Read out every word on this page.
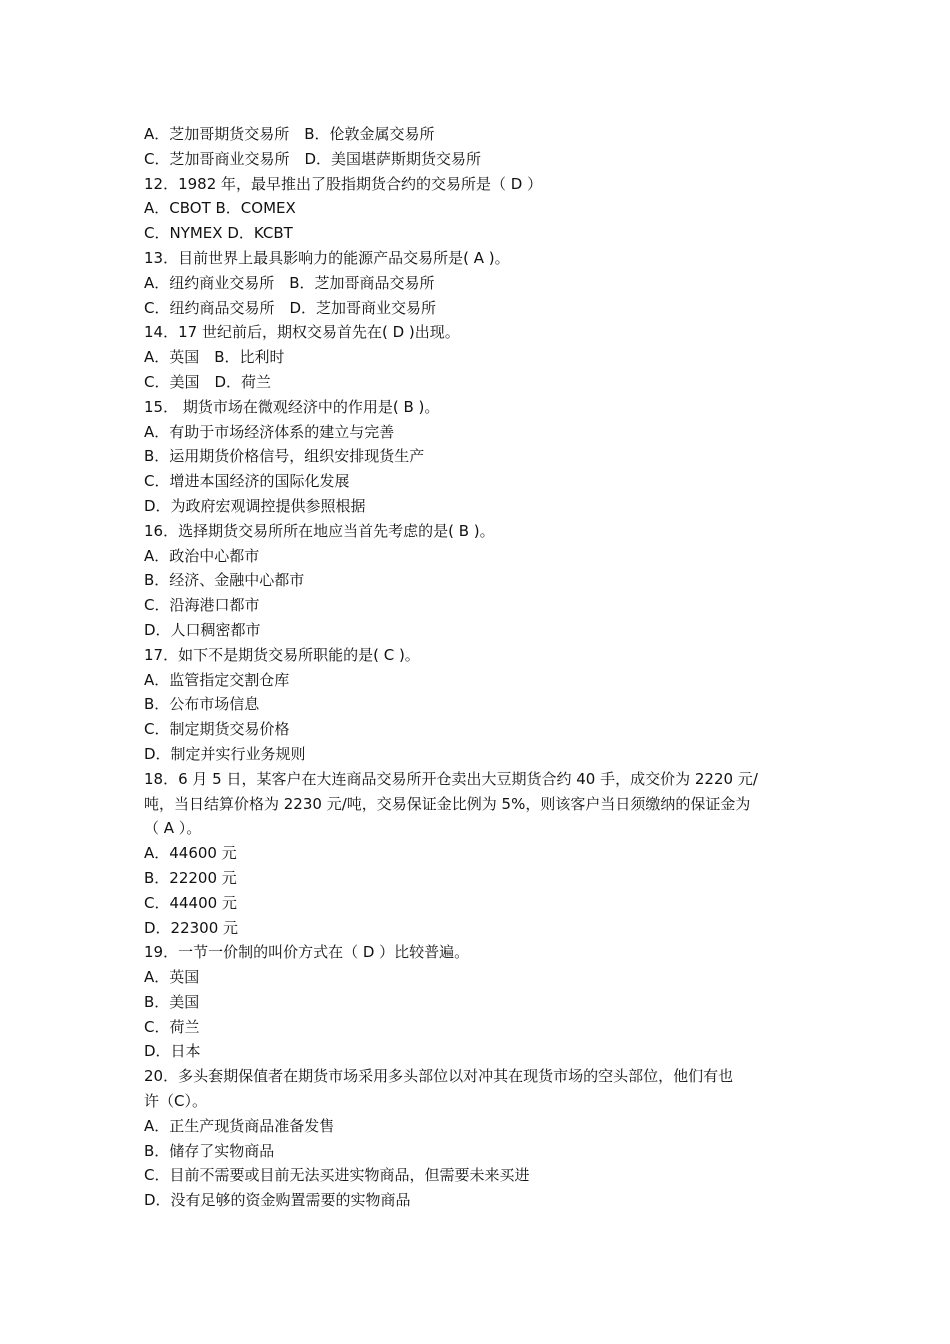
A．芝加哥期货交易所　B．伦敦金属交易所
C．芝加哥商业交易所　D．美国堪萨斯期货交易所
12．1982 年，最早推出了股指期货合约的交易所是（ D ）
A．CBOT B．COMEX
C．NYMEX D．KCBT
13．目前世界上最具影响力的能源产品交易所是( A )。
A．纽约商业交易所　B．芝加哥商品交易所
C．纽约商品交易所　D．芝加哥商业交易所
14．17 世纪前后，期权交易首先在( D )出现。
A．英国　B．比利时
C．美国　D．荷兰
15． 期货市场在微观经济中的作用是( B )。
A．有助于市场经济体系的建立与完善
B．运用期货价格信号，组织安排现货生产
C．增进本国经济的国际化发展
D．为政府宏观调控提供参照根据
16．选择期货交易所所在地应当首先考虑的是( B )。
A．政治中心都市
B．经济、金融中心都市
C．沿海港口都市
D．人口稠密都市
17．如下不是期货交易所职能的是( C )。
A．监管指定交割仓库
B．公布市场信息
C．制定期货交易价格
D．制定并实行业务规则
18．6 月 5 日，某客户在大连商品交易所开仓卖出大豆期货合约 40 手，成交价为 2220 元/
吨，当日结算价格为 2230 元/吨，交易保证金比例为 5%，则该客户当日须缴纳的保证金为
（ A ）。
A．44600 元
B．22200 元
C．44400 元
D．22300 元
19．一节一价制的叫价方式在（ D ）比较普遍。
A．英国
B．美国
C．荷兰
D．日本
20．多头套期保值者在期货市场采用多头部位以对冲其在现货市场的空头部位，他们有也
许（C）。
A．正生产现货商品准备发售
B．储存了实物商品
C．目前不需要或目前无法买进实物商品，但需要未来买进
D．没有足够的资金购置需要的实物商品
